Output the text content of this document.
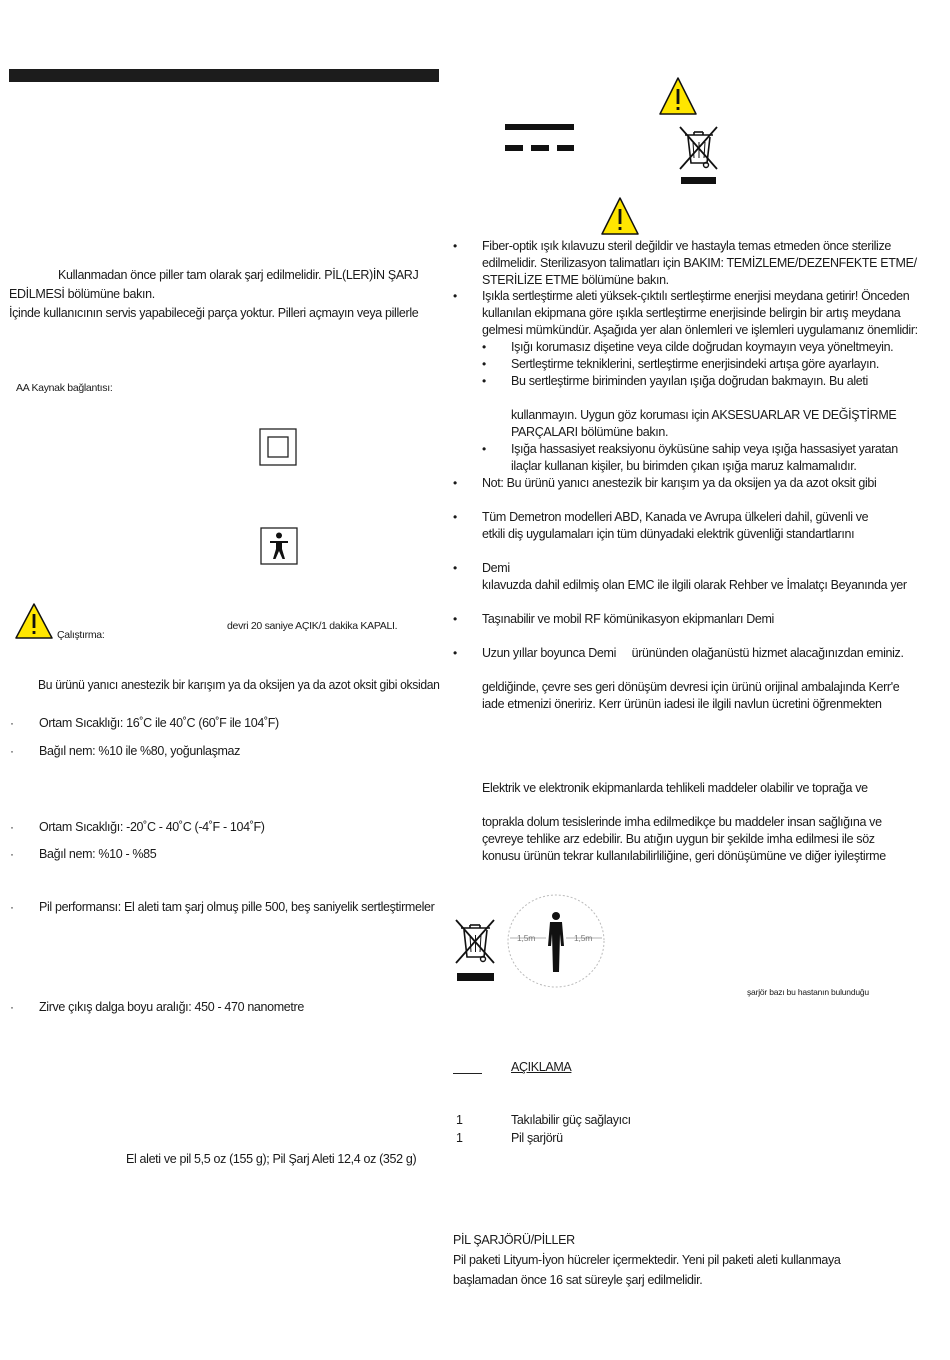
Kullanmadan önce piller tam olarak şarj edilmelidir. PİL(LER)İN ŞARJ
EDİLMESİ bölümüne bakın.
İçinde kullanıcının servis yapabileceği parça yoktur. Pilleri açmayın veya pillerle
AA Kaynak bağlantısı:
Çalıştırma:
devri 20 saniye AÇIK/1 dakika KAPALI.
Bu ürünü yanıcı anestezik bir karışım ya da oksijen ya da azot oksit gibi oksidan
· Ortam Sıcaklığı: 16˚C ile 40˚C (60˚F ile 104˚F)
· Bağıl nem: %10 ile %80, yoğunlaşmaz
· Ortam Sıcaklığı: -20˚C - 40˚C (-4˚F - 104˚F)
· Bağıl nem: %10 - %85
· Pil performansı: El aleti tam şarj olmuş pille 500, beş saniyelik sertleştirmeler
· Zirve çıkış dalga boyu aralığı: 450 - 470 nanometre
El aleti ve pil 5,5 oz (155 g); Pil Şarj Aleti 12,4 oz (352 g)
• Fiber-optik ışık kılavuzu steril değildir ve hastayla temas etmeden önce sterilize
edilmelidir. Sterilizasyon talimatları için BAKIM: TEMİZLEME/DEZENFEKTE ETME/
STERİLİZE ETME bölümüne bakın.
• Işıkla sertleştirme aleti yüksek-çıktılı sertleştirme enerjisi meydana getirir! Önceden
kullanılan ekipmana göre ışıkla sertleştirme enerjisinde belirgin bir artış meydana
gelmesi mümkündür. Aşağıda yer alan önlemleri ve işlemleri uygulamanız önemlidir:
• Işığı korumasız dişetine veya cilde doğrudan koymayın veya yöneltmeyin.
• Sertleştirme tekniklerini, sertleştirme enerjisindeki artışa göre ayarlayın.
• Bu sertleştirme biriminden yayılan ışığa doğrudan bakmayın. Bu aleti
kullanmayın. Uygun göz koruması için AKSESUARLAR VE DEĞİŞTİRME
PARÇALARI bölümüne bakın.
• Işığa hassasiyet reaksiyonu öyküsüne sahip veya ışığa hassasiyet yaratan
ilaçlar kullanan kişiler, bu birimden çıkan ışığa maruz kalmamalıdır.
• Not: Bu ürünü yanıcı anestezik bir karışım ya da oksijen ya da azot oksit gibi
• Tüm Demetron modelleri ABD, Kanada ve Avrupa ülkeleri dahil, güvenli ve
etkili diş uygulamaları için tüm dünyadaki elektrik güvenliği standartlarını
• Demi
kılavuzda dahil edilmiş olan EMC ile ilgili olarak Rehber ve İmalatçı Beyanında yer
• Taşınabilir ve mobil RF kömünikasyon ekipmanları Demi
• Uzun yıllar boyunca Demi     ürününden olağanüstü hizmet alacağınızdan eminiz.
geldiğinde, çevre ses geri dönüşüm devresi için ürünü orijinal ambalajında Kerr'e
iade etmenizi öneririz. Kerr ürünün iadesi ile ilgili navlun ücretini öğrenmekten
Elektrik ve elektronik ekipmanlarda tehlikeli maddeler olabilir ve toprağa ve
toprakla dolum tesislerinde imha edilmedikçe bu maddeler insan sağlığına ve
çevreye tehlike arz edebilir. Bu atığın uygun bir şekilde imha edilmesi ile söz
konusu ürünün tekrar kullanılabilirliliğine, geri dönüşümüne ve diğer iyileştirme
1,5m	1,5m
şarjör bazı bu hastanın bulunduğu
AÇIKLAMA
1	Takılabilir güç sağlayıcı
1	Pil şarjörü
PİL ŞARJÖRÜ/PİLLER
Pil paketi Lityum-İyon hücreler içermektedir. Yeni pil paketi aleti kullanmaya
başlamadan önce 16 sat süreyle şarj edilmelidir.
